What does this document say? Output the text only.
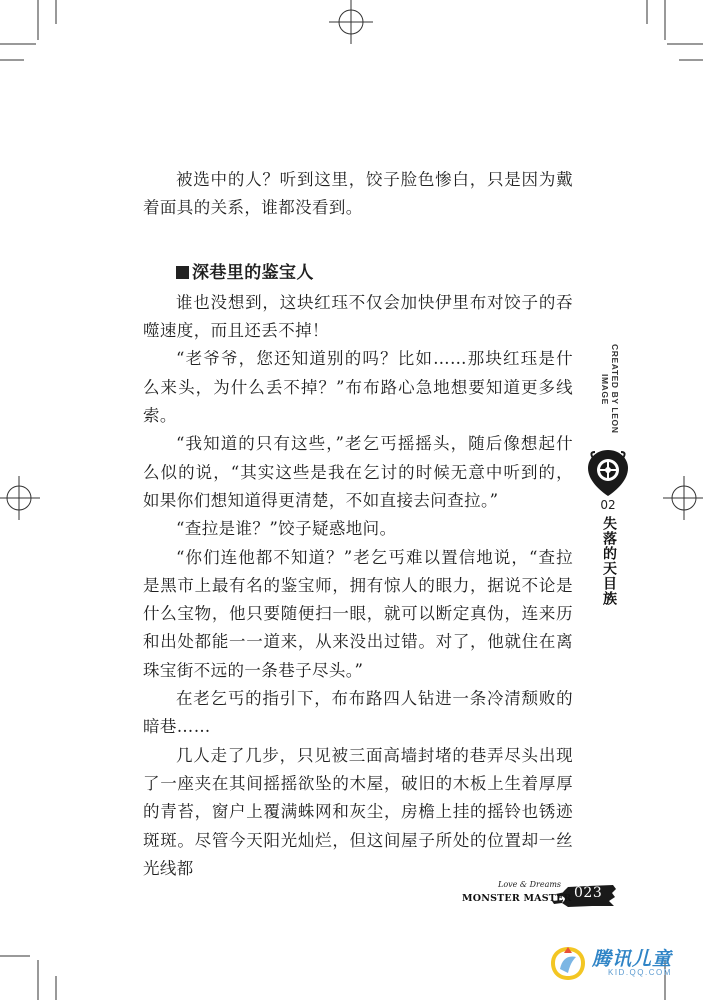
被选中的人？听到这里，饺子脸色惨白，只是因为戴着面具的关系，谁都没看到。

深巷里的鉴宝人

谁也没想到，这块红珏不仅会加快伊里布对饺子的吞噬速度，而且还丢不掉！

“老爷爷，您还知道别的吗？比如……那块红珏是什么来头，为什么丢不掉？”布布路心急地想要知道更多线索。

“我知道的只有这些，”老乞丐摇摇头，随后像想起什么似的说，“其实这些是我在乞讨的时候无意中听到的，如果你们想知道得更清楚，不如直接去问查拉。”

“查拉是谁？”饺子疑惑地问。

“你们连他都不知道？”老乞丐难以置信地说，“查拉是黑市上最有名的鉴宝师，拥有惊人的眼力，据说不论是什么宝物，他只要随便扫一眼，就可以断定真伪，连来历和出处都能一一道来，从来没出过错。对了，他就住在离珠宝街不远的一条巷子尽头。”

在老乞丐的指引下，布布路四人钻进一条冷清颓败的暗巷……

几人走了几步，只见被三面高墙封堵的巷弄尽头出现了一座夹在其间摇摇欲坠的木屋，破旧的木板上生着厚厚的青苔，窗户上覆满蛛网和灰尘，房檐上挂的摇铃也锈迹斑斑。尽管今天阳光灿烂，但这间屋子所处的位置却一丝光线都

CREATED BY LEON IMAGE
02
失落的天目族
Love & Dreams
MONSTER MASTER 023
腾讯儿童
KID.QQ.COM
